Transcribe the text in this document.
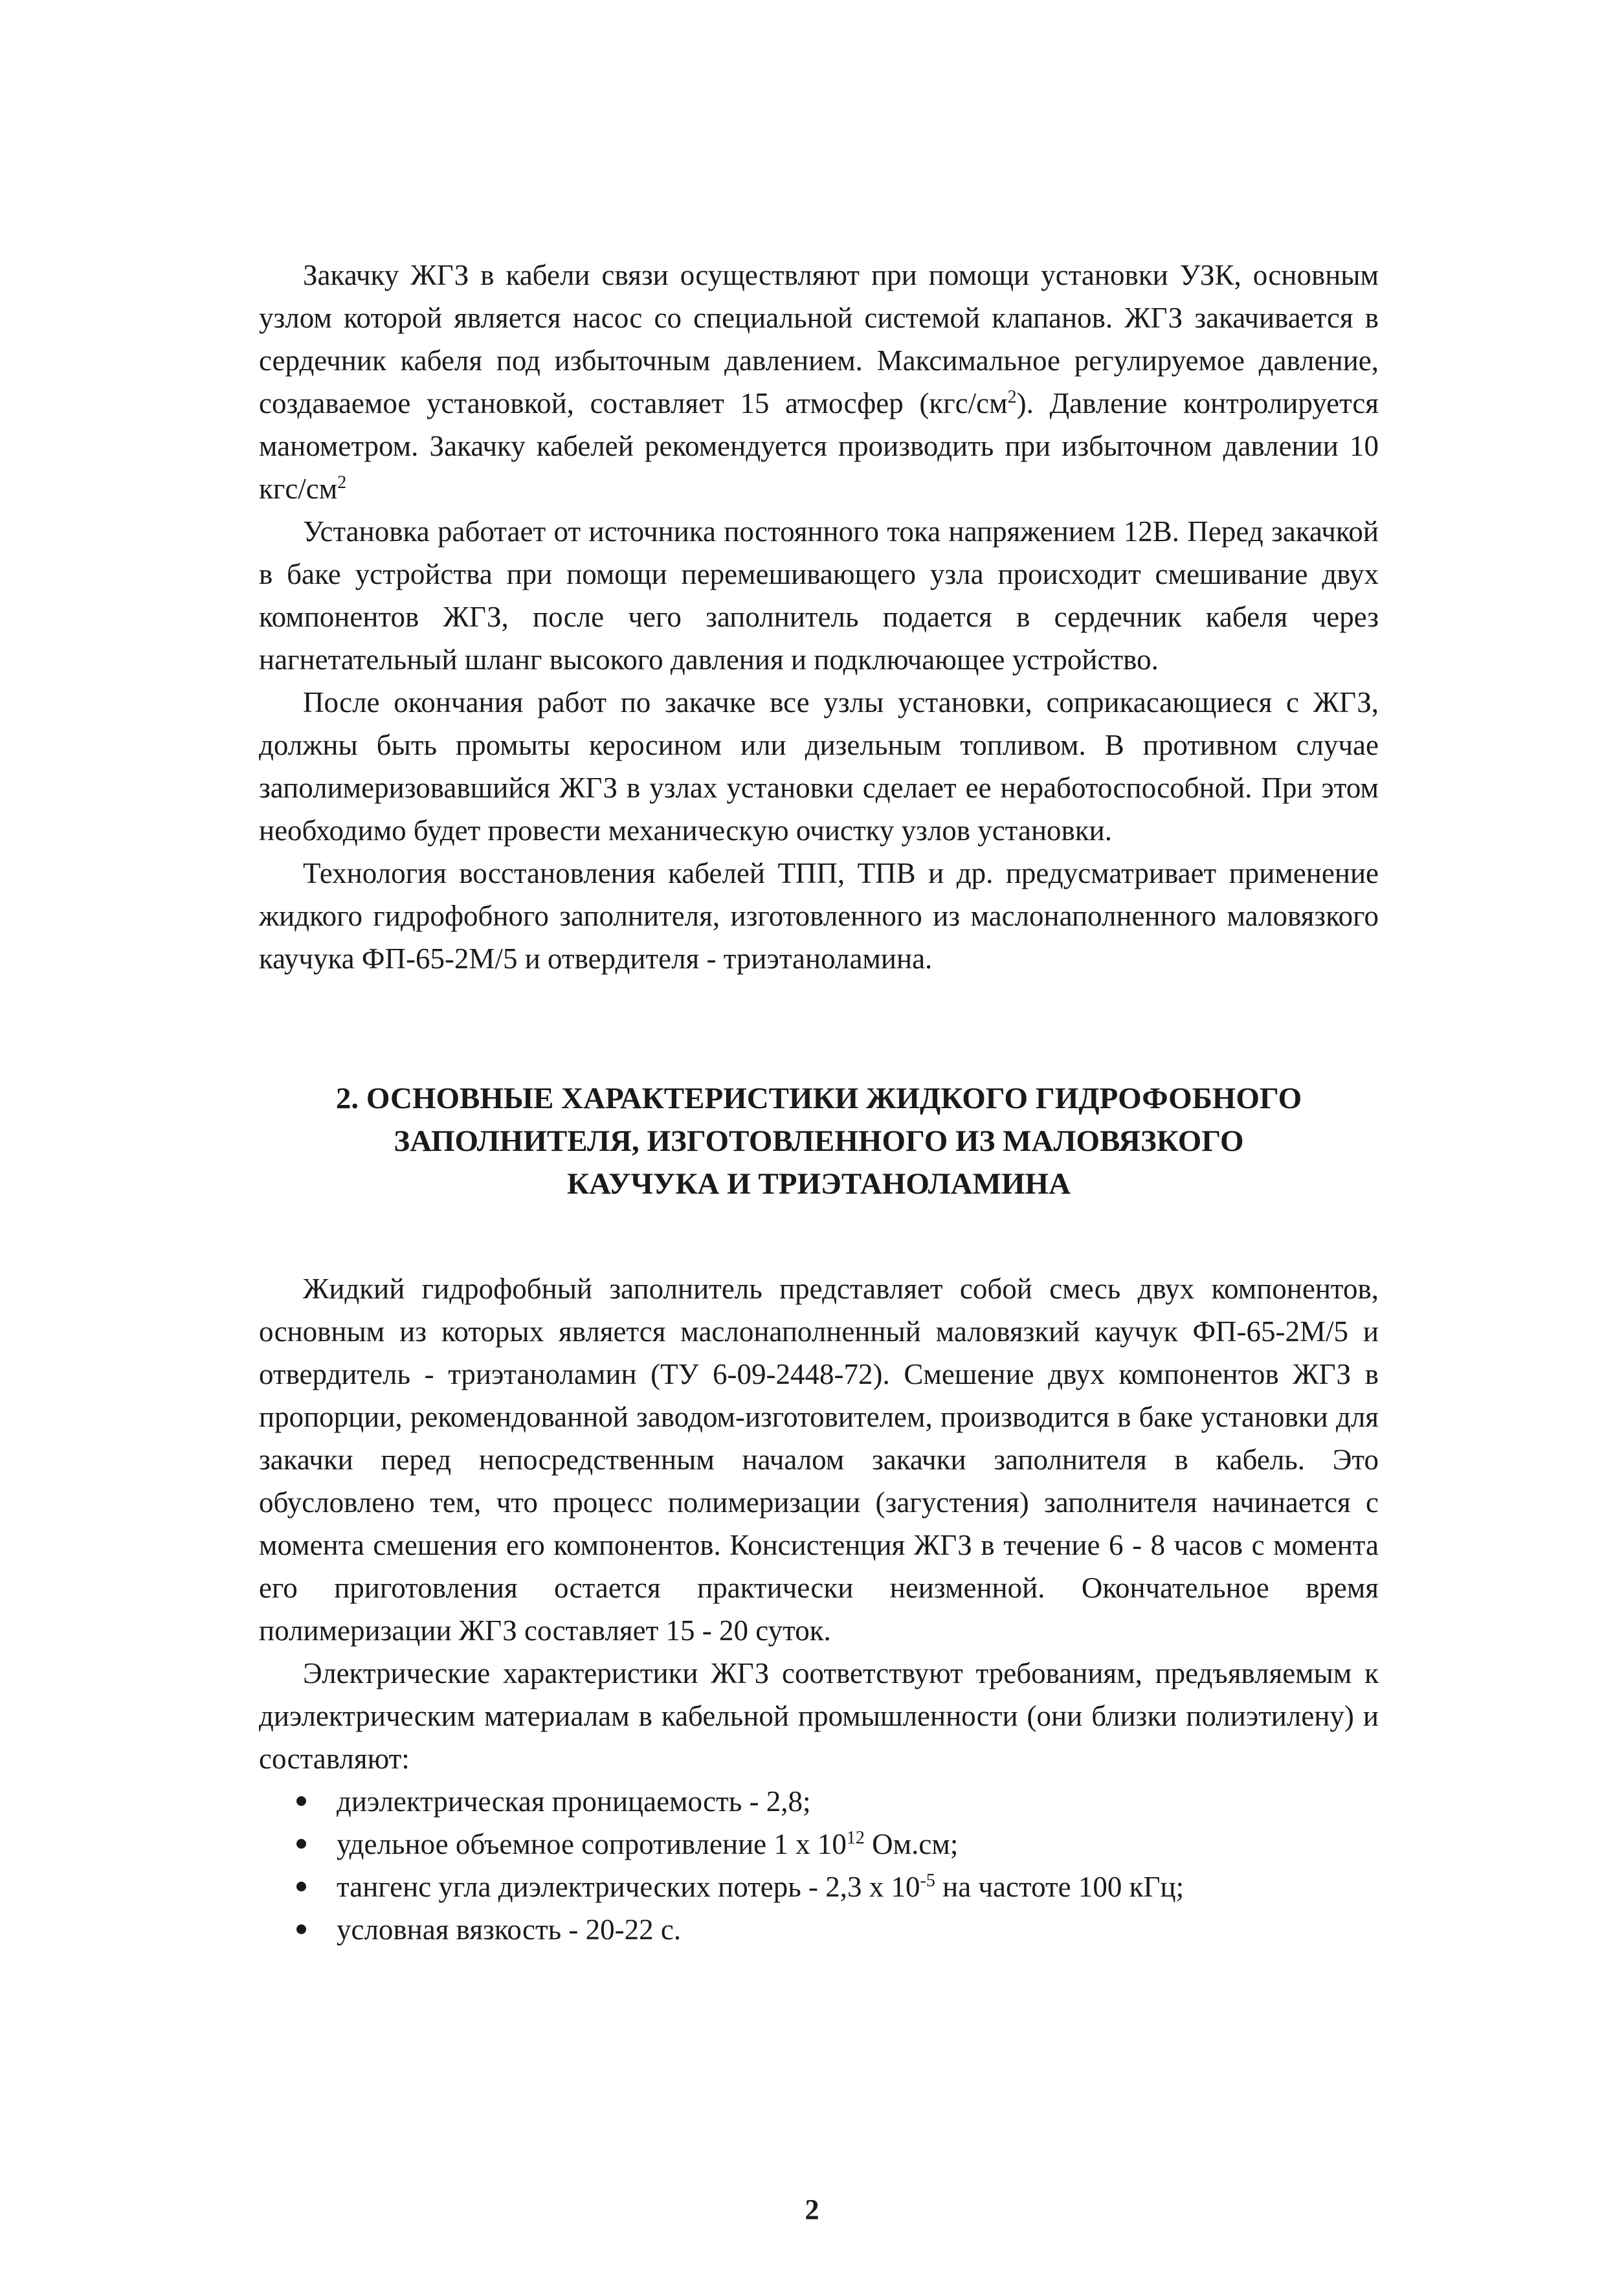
Закачку ЖГЗ в кабели связи осуществляют при помощи установки УЗК, основным узлом которой является насос со специальной системой клапанов. ЖГЗ закачивается в сердечник кабеля под избыточным давлением. Максимальное регулируемое давление, создаваемое установкой, составляет 15 атмосфер $(кгс/см^2)$. Давление контролируется манометром. Закачку кабелей рекомендуется производить при избыточном давлении 10 кгс/$см^2$

Установка работает от источника постоянного тока напряжением 12В. Перед закачкой в баке устройства при помощи перемешивающего узла происходит смешивание двух компонентов ЖГЗ, после чего заполнитель подается в сердечник кабеля через нагнетательный шланг высокого давления и подключающее устройство.

После окончания работ по закачке все узлы установки, соприкасающиеся с ЖГЗ, должны быть промыты керосином или дизельным топливом. В противном случае заполимеризовавшийся ЖГЗ в узлах установки сделает ее неработоспособной. При этом необходимо будет провести механическую очистку узлов установки.

Технология восстановления кабелей ТПП, ТПВ и др. предусматривает применение жидкого гидрофобного заполнителя, изготовленного из маслонаполненного маловязкого каучука ФП-65-2М/5 и отвердителя - триэтаноламина.

2. ОСНОВНЫЕ ХАРАКТЕРИСТИКИ ЖИДКОГО ГИДРОФОБНОГО
ЗАПОЛНИТЕЛЯ, ИЗГОТОВЛЕННОГО ИЗ МАЛОВЯЗКОГО
КАУЧУКА И ТРИЭТАНОЛАМИНА

Жидкий гидрофобный заполнитель представляет собой смесь двух компонентов, основным из которых является маслонаполненный маловязкий каучук ФП-65-2М/5 и отвердитель - триэтаноламин (ТУ 6-09-2448-72). Смешение двух компонентов ЖГЗ в пропорции, рекомендованной заводом-изготовителем, производится в баке установки для закачки перед непосредственным началом закачки заполнителя в кабель. Это обусловлено тем, что процесс полимеризации (загустения) заполнителя начинается с момента смешения его компонентов. Консистенция ЖГЗ в течение 6 - 8 часов с момента его приготовления остается практически неизменной. Окончательное время полимеризации ЖГЗ составляет 15 - 20 суток.

Электрические характеристики ЖГЗ соответствуют требованиям, предъявляемым к диэлектрическим материалам в кабельной промышленности (они близки полиэтилену) и составляют:

диэлектрическая проницаемость - 2,8;
удельное объемное сопротивление 1 х $10^{12}$ Ом.см;
тангенс угла диэлектрических потерь - 2,3 х $10^{-5}$ на частоте 100 кГц;
условная вязкость - 20-22 с.
2
